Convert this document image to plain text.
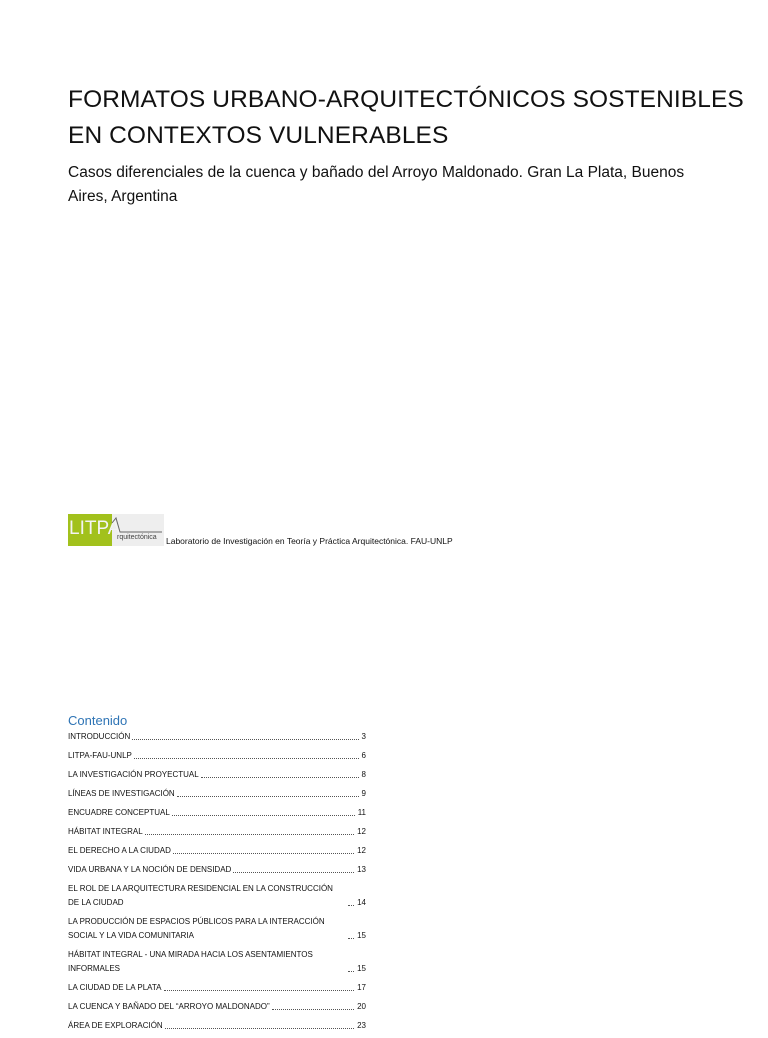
FORMATOS URBANO-ARQUITECTÓNICOS SOSTENIBLES EN CONTEXTOS VULNERABLES
Casos diferenciales de la cuenca y bañado del Arroyo Maldonado. Gran La Plata, Buenos Aires, Argentina
LITPA
rquitectónica Laboratorio de Investigación en Teoría y Práctica Arquitectónica. FAU-UNLP
Contenido
INTRODUCCIÓN	3
LITPA-FAU-UNLP	6
LA INVESTIGACIÓN PROYECTUAL	8
LÍNEAS DE INVESTIGACIÓN	9
ENCUADRE CONCEPTUAL	11
HÁBITAT INTEGRAL	12
EL DERECHO A LA CIUDAD	12
VIDA URBANA Y LA NOCIÓN DE DENSIDAD	13
EL ROL DE LA ARQUITECTURA RESIDENCIAL EN LA CONSTRUCCIÓN DE LA CIUDAD	14
LA PRODUCCIÓN DE ESPACIOS PÚBLICOS PARA LA INTERACCIÓN SOCIAL Y LA VIDA COMUNITARIA	15
HÁBITAT INTEGRAL - UNA MIRADA HACIA LOS ASENTAMIENTOS INFORMALES	15
LA CIUDAD DE LA PLATA	17
LA CUENCA Y BAÑADO DEL “ARROYO MALDONADO”	20
ÁREA DE EXPLORACIÓN	23
